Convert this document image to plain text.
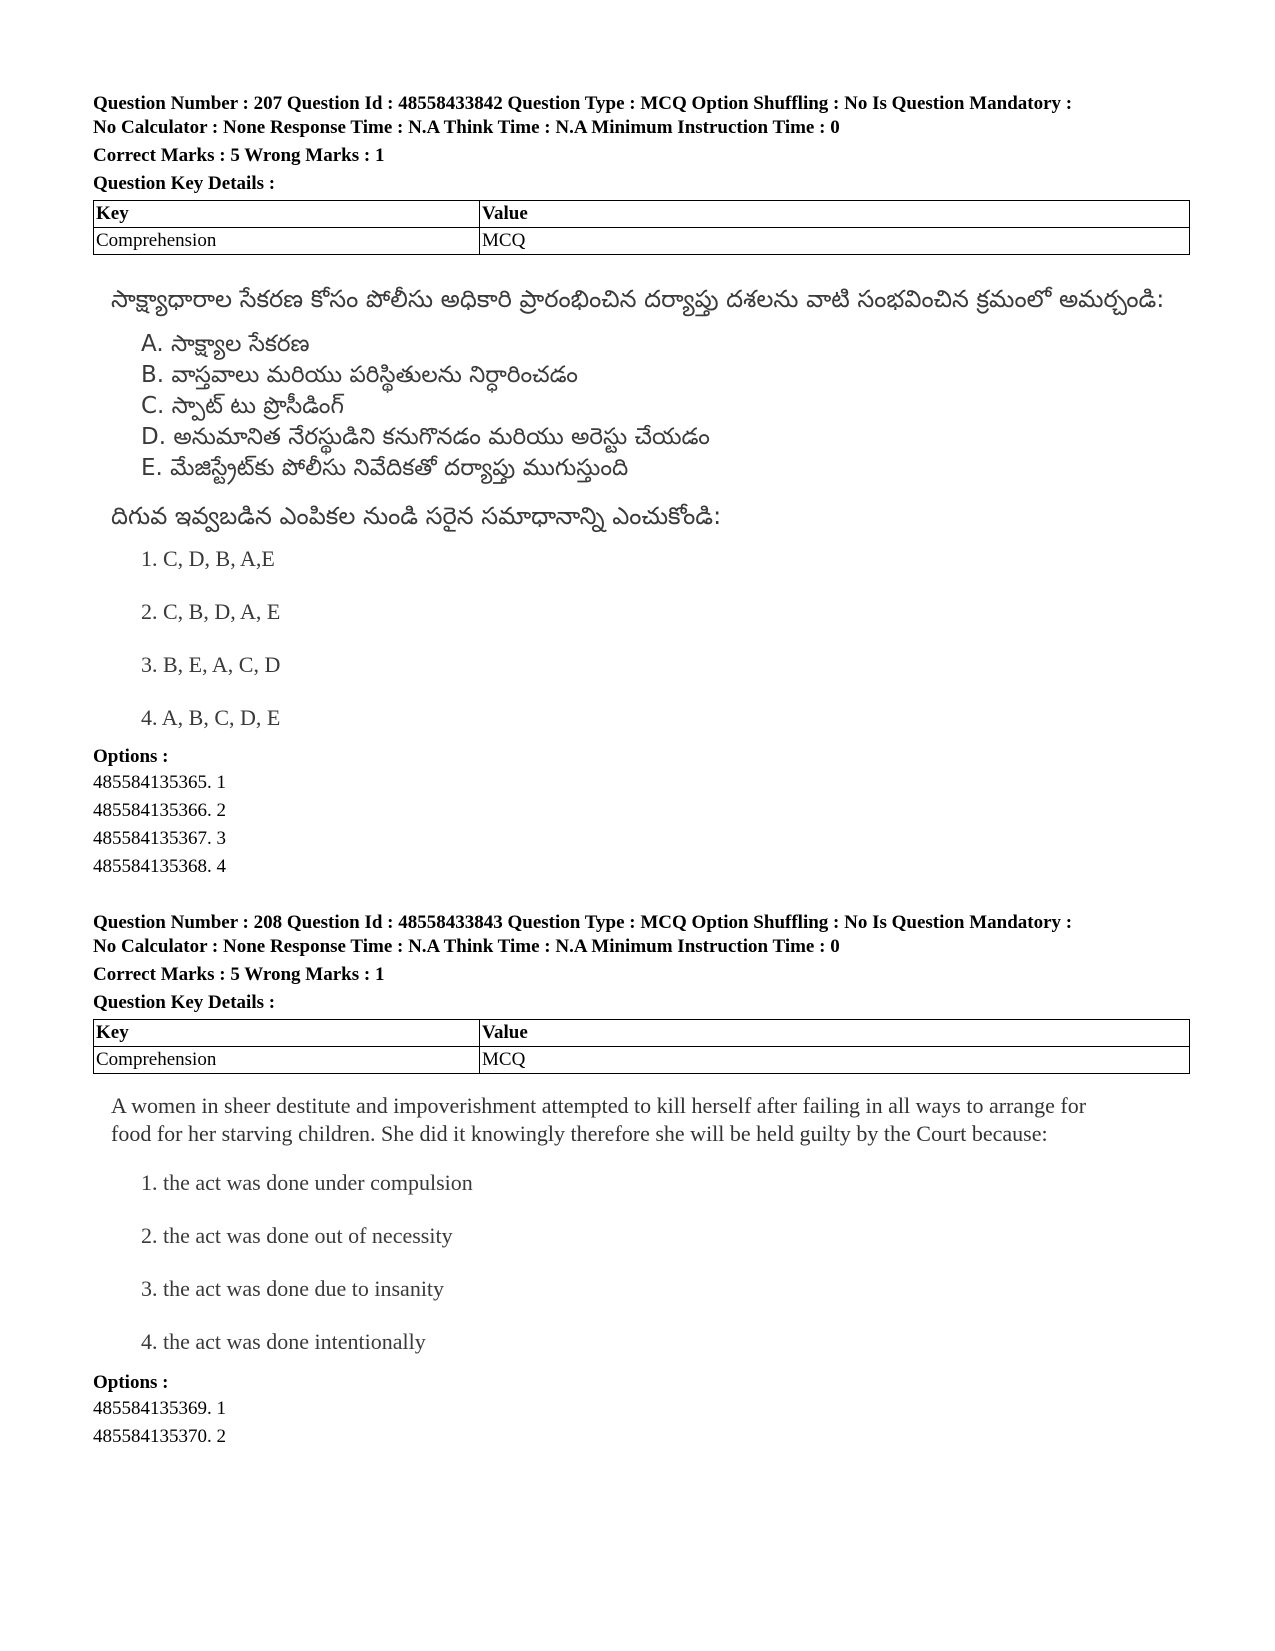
Question Number : 207 Question Id : 48558433842 Question Type : MCQ Option Shuffling : No Is Question Mandatory :
No Calculator : None Response Time : N.A Think Time : N.A Minimum Instruction Time : 0

Correct Marks : 5 Wrong Marks : 1
Question Key Details :
Key	Value
Comprehension	MCQ
సాక్ష్యాధారాల సేకరణ కోసం పోలీసు అధికారి ప్రారంభించిన దర్యాప్తు దశలను వాటి సంభవించిన క్రమంలో అమర్చండి:
A. సాక్ష్యాల సేకరణ
B. వాస్తవాలు మరియు పరిస్థితులను నిర్ధారించడం
C. స్పాట్ టు ప్రొసీడింగ్
D. అనుమానిత నేరస్థుడిని కనుగొనడం మరియు అరెస్టు చేయడం
E. మేజిస్ట్రేట్‌కు పోలీసు నివేదికతో దర్యాప్తు ముగుస్తుంది
దిగువ ఇవ్వబడిన ఎంపికల నుండి సరైన సమాధానాన్ని ఎంచుకోండి:
1. C, D, B, A,E
2. C, B, D, A, E
3. B, E, A, C, D
4. A, B, C, D, E
Options :
485584135365. 1
485584135366. 2
485584135367. 3
485584135368. 4

Question Number : 208 Question Id : 48558433843 Question Type : MCQ Option Shuffling : No Is Question Mandatory :
No Calculator : None Response Time : N.A Think Time : N.A Minimum Instruction Time : 0

Correct Marks : 5 Wrong Marks : 1
Question Key Details :
Key	Value
Comprehension	MCQ
A women in sheer destitute and impoverishment attempted to kill herself after failing in all ways to arrange for
food for her starving children. She did it knowingly therefore she will be held guilty by the Court because:
1. the act was done under compulsion
2. the act was done out of necessity
3. the act was done due to insanity
4. the act was done intentionally
Options :
485584135369. 1
485584135370. 2
